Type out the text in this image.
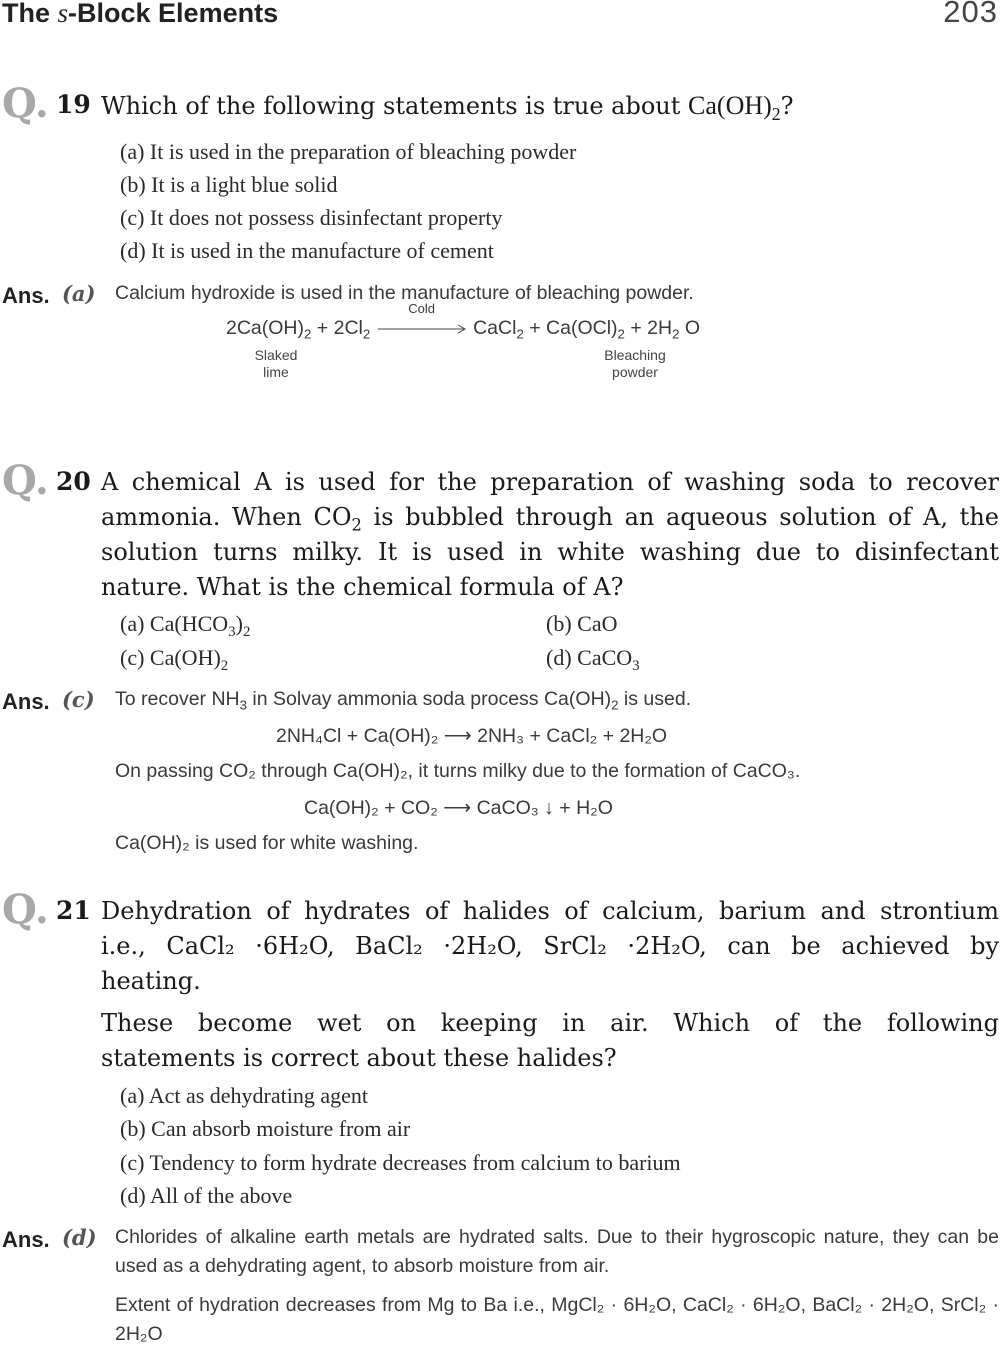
The s-Block Elements	203
Q. 19 Which of the following statements is true about $Ca(OH)_2$?
(a) It is used in the preparation of bleaching powder
(b) It is a light blue solid
(c) It does not possess disinfectant property
(d) It is used in the manufacture of cement
Ans. (a) Calcium hydroxide is used in the manufacture of bleaching powder.
$2Ca(OH)_2 + 2Cl_2$
Cold
CaCl$_2$ + $Ca(OCl)_2 + 2H_2$ O
Slaked
lime
Bleaching
powder
Q. 20 A chemical A is used for the preparation of washing soda to recover
ammonia. When $CO_2$ is bubbled through an aqueous solution of A, the
solution turns milky. It is used in white washing due to disinfectant
nature. What is the chemical formula of A?
(a) $Ca(HCO_3)_2$	(b) CaO
(c) $Ca(OH)_2$	(d) CaCO$_3$
Ans. (c) To recover $NH_3$ in Solvay ammonia soda process $Ca(OH)_2$ is used.
2NH₄Cl + Ca(OH)₂ ⟶ 2NH₃ + CaCl₂ + 2H₂O
On passing CO₂ through Ca(OH)₂, it turns milky due to the formation of CaCO₃.
Ca(OH)₂ + CO₂ ⟶ CaCO₃ ↓ + H₂O
Ca(OH)₂ is used for white washing.
Q. 21 Dehydration of hydrates of halides of calcium, barium and strontium
i.e., CaCl₂ ·6H₂O, BaCl₂ ·2H₂O, SrCl₂ ·2H₂O, can be achieved by
heating.
These become wet on keeping in air. Which of the following
statements is correct about these halides?
(a) Act as dehydrating agent
(b) Can absorb moisture from air
(c) Tendency to form hydrate decreases from calcium to barium
(d) All of the above
Ans. (d) Chlorides of alkaline earth metals are hydrated salts. Due to their hygroscopic nature, they can be used as a dehydrating agent, to absorb moisture from air.
Extent of hydration decreases from Mg to Ba i.e., MgCl₂ · 6H₂O, CaCl₂ · 6H₂O, BaCl₂ · 2H₂O, SrCl₂ · 2H₂O
